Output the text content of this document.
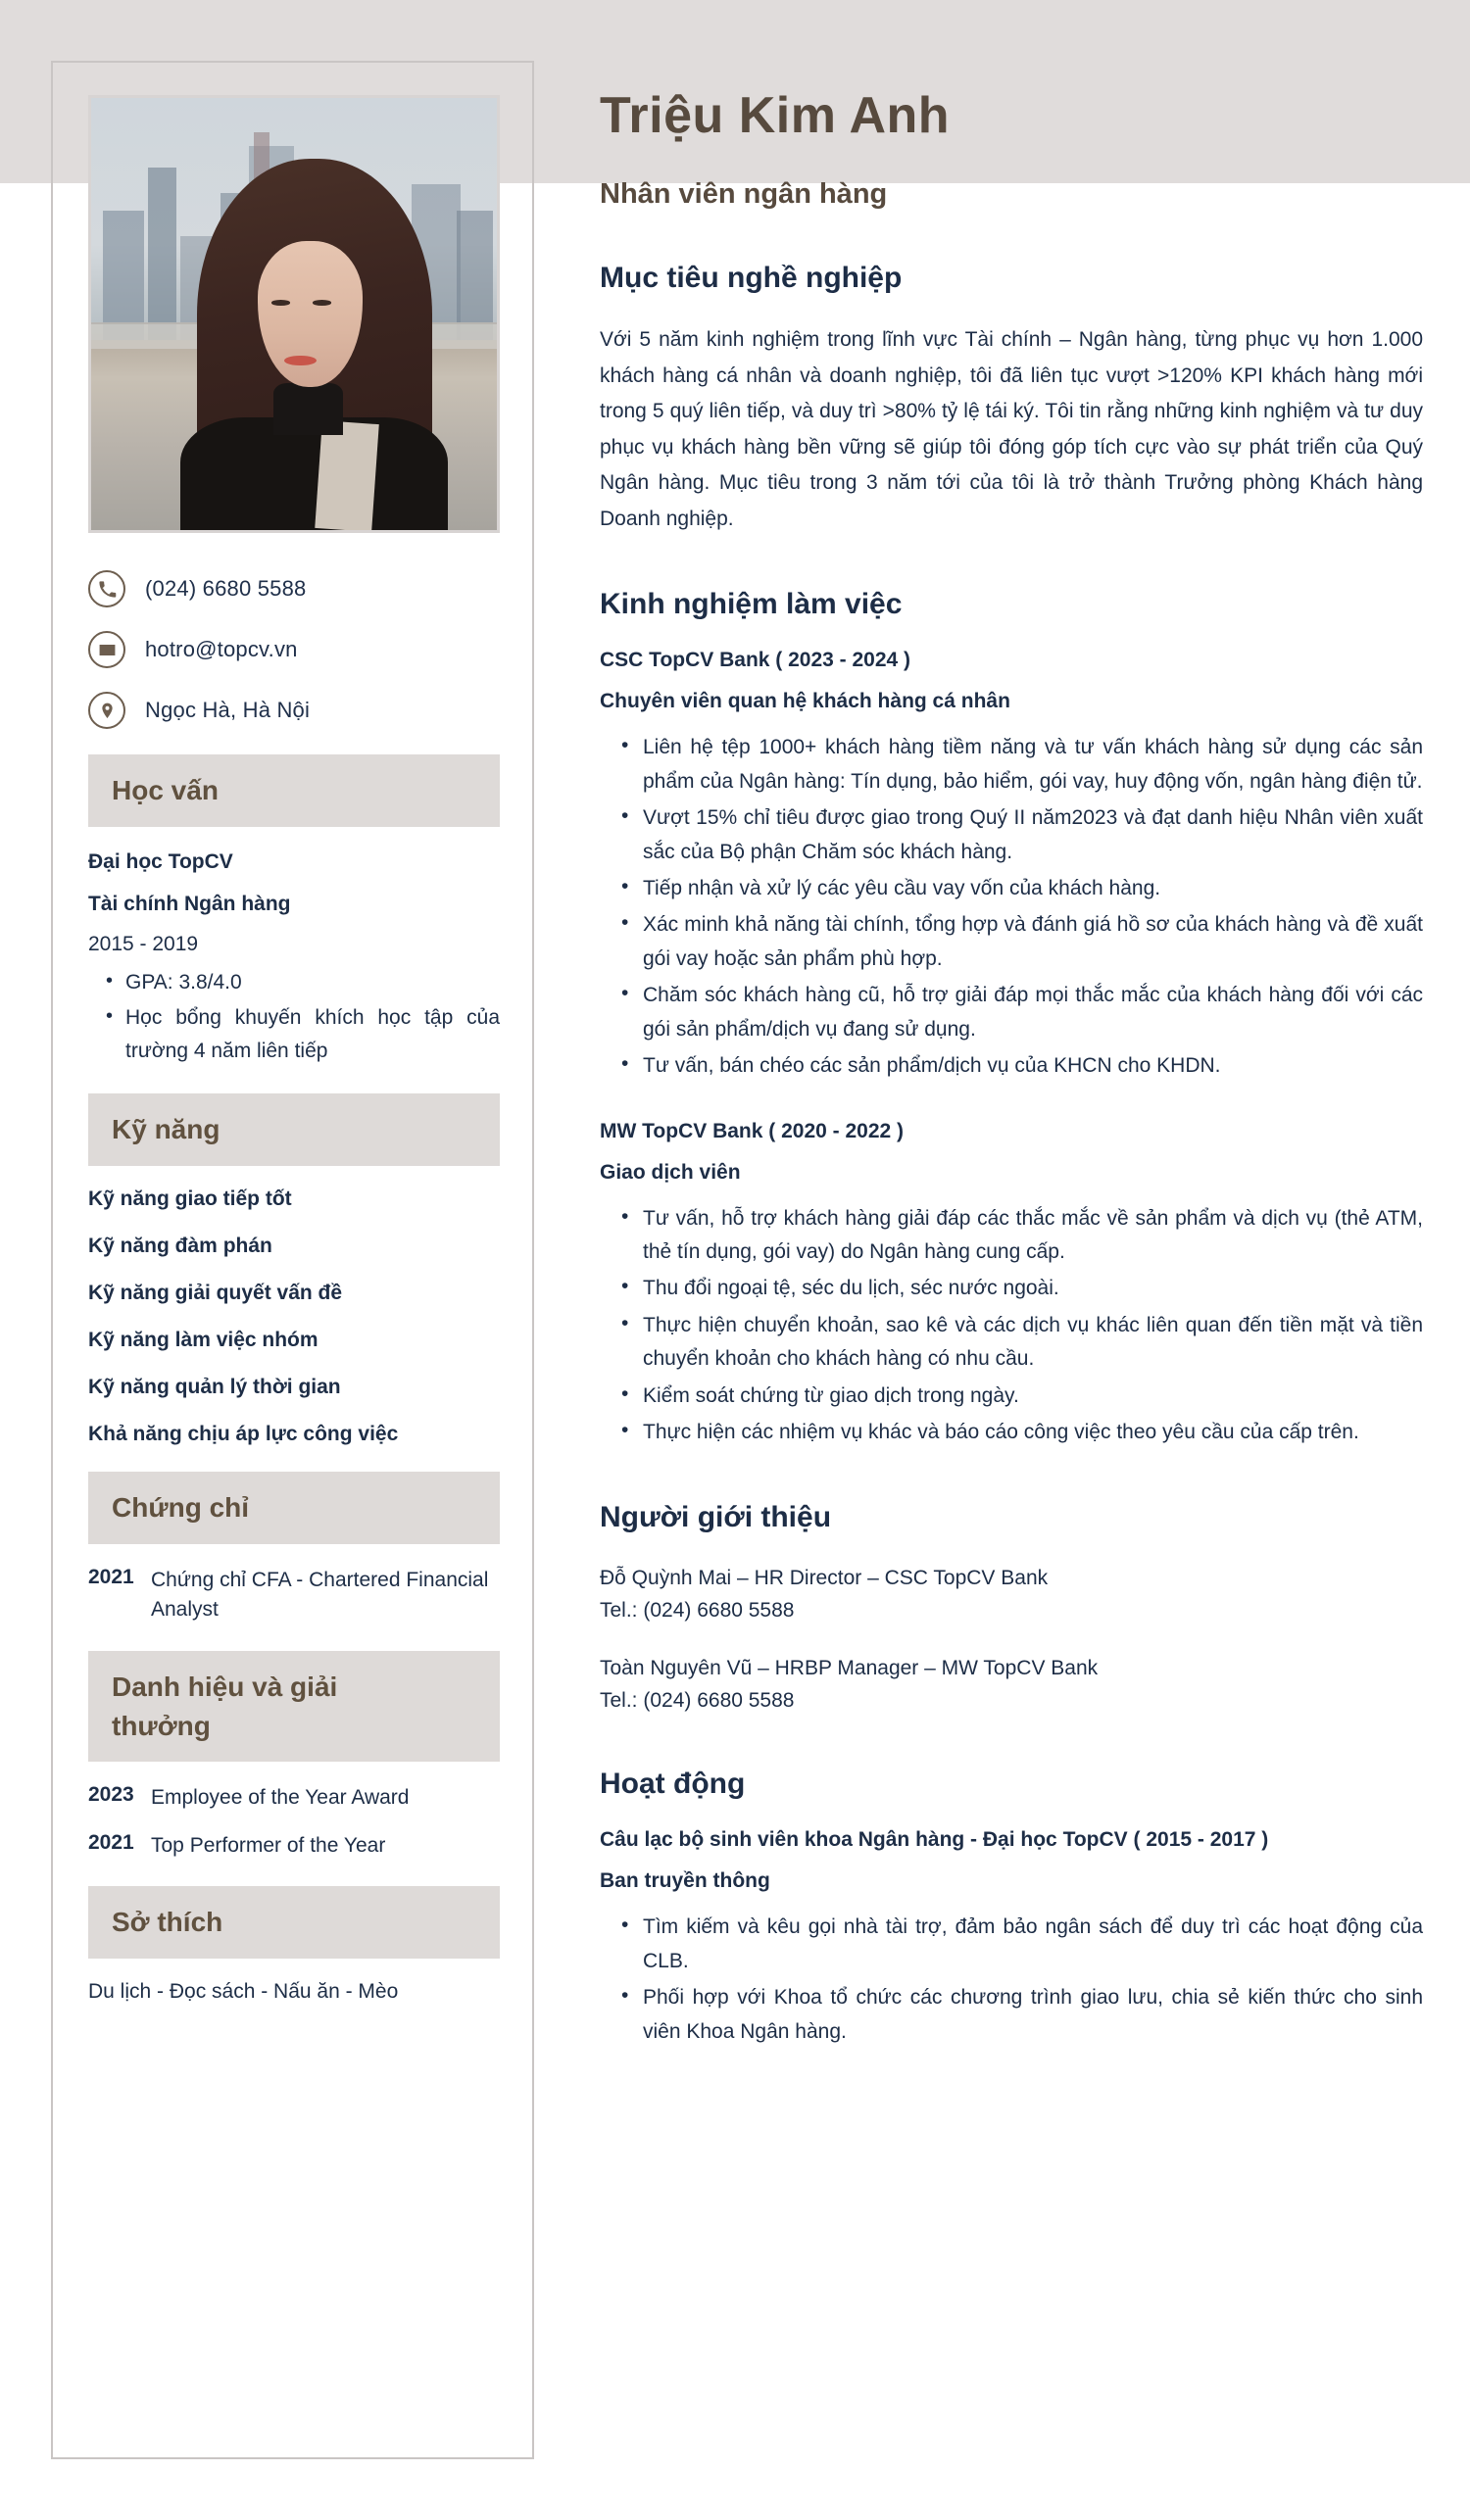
(024) 6680 5588
hotro@topcv.vn
Ngọc Hà, Hà Nội
Học vấn
Đại học TopCV
Tài chính Ngân hàng
2015 - 2019
• GPA: 3.8/4.0
• Học bổng khuyến khích học tập của trường 4 năm liên tiếp
Kỹ năng
Kỹ năng giao tiếp tốt
Kỹ năng đàm phán
Kỹ năng giải quyết vấn đề
Kỹ năng làm việc nhóm
Kỹ năng quản lý thời gian
Khả năng chịu áp lực công việc
Chứng chỉ
2021 Chứng chỉ CFA - Chartered Financial Analyst
Danh hiệu và giải thưởng
2023 Employee of the Year Award
2021 Top Performer of the Year
Sở thích
Du lịch - Đọc sách - Nấu ăn - Mèo
Triệu Kim Anh
Nhân viên ngân hàng
Mục tiêu nghề nghiệp
Với 5 năm kinh nghiệm trong lĩnh vực Tài chính – Ngân hàng, từng phục vụ hơn 1.000 khách hàng cá nhân và doanh nghiệp, tôi đã liên tục vượt >120% KPI khách hàng mới trong 5 quý liên tiếp, và duy trì >80% tỷ lệ tái ký. Tôi tin rằng những kinh nghiệm và tư duy phục vụ khách hàng bền vững sẽ giúp tôi đóng góp tích cực vào sự phát triển của Quý Ngân hàng. Mục tiêu trong 3 năm tới của tôi là trở thành Trưởng phòng Khách hàng Doanh nghiệp.
Kinh nghiệm làm việc
CSC TopCV Bank ( 2023 - 2024 )
Chuyên viên quan hệ khách hàng cá nhân
• Liên hệ tệp 1000+ khách hàng tiềm năng và tư vấn khách hàng sử dụng các sản phẩm của Ngân hàng: Tín dụng, bảo hiểm, gói vay, huy động vốn, ngân hàng điện tử.
• Vượt 15% chỉ tiêu được giao trong Quý II năm2023 và đạt danh hiệu Nhân viên xuất sắc của Bộ phận Chăm sóc khách hàng.
• Tiếp nhận và xử lý các yêu cầu vay vốn của khách hàng.
• Xác minh khả năng tài chính, tổng hợp và đánh giá hồ sơ của khách hàng và đề xuất gói vay hoặc sản phẩm phù hợp.
• Chăm sóc khách hàng cũ, hỗ trợ giải đáp mọi thắc mắc của khách hàng đối với các gói sản phẩm/dịch vụ đang sử dụng.
• Tư vấn, bán chéo các sản phẩm/dịch vụ của KHCN cho KHDN.
MW TopCV Bank ( 2020 - 2022 )
Giao dịch viên
• Tư vấn, hỗ trợ khách hàng giải đáp các thắc mắc về sản phẩm và dịch vụ (thẻ ATM, thẻ tín dụng, gói vay) do Ngân hàng cung cấp.
• Thu đổi ngoại tệ, séc du lịch, séc nước ngoài.
• Thực hiện chuyển khoản, sao kê và các dịch vụ khác liên quan đến tiền mặt và tiền chuyển khoản cho khách hàng có nhu cầu.
• Kiểm soát chứng từ giao dịch trong ngày.
• Thực hiện các nhiệm vụ khác và báo cáo công việc theo yêu cầu của cấp trên.
Người giới thiệu
Đỗ Quỳnh Mai – HR Director – CSC TopCV Bank
Tel.: (024) 6680 5588
Toàn Nguyên Vũ – HRBP Manager – MW TopCV Bank
Tel.: (024) 6680 5588
Hoạt động
Câu lạc bộ sinh viên khoa Ngân hàng - Đại học TopCV ( 2015 - 2017 )
Ban truyền thông
• Tìm kiếm và kêu gọi nhà tài trợ, đảm bảo ngân sách để duy trì các hoạt động của CLB.
• Phối hợp với Khoa tổ chức các chương trình giao lưu, chia sẻ kiến thức cho sinh viên Khoa Ngân hàng.
